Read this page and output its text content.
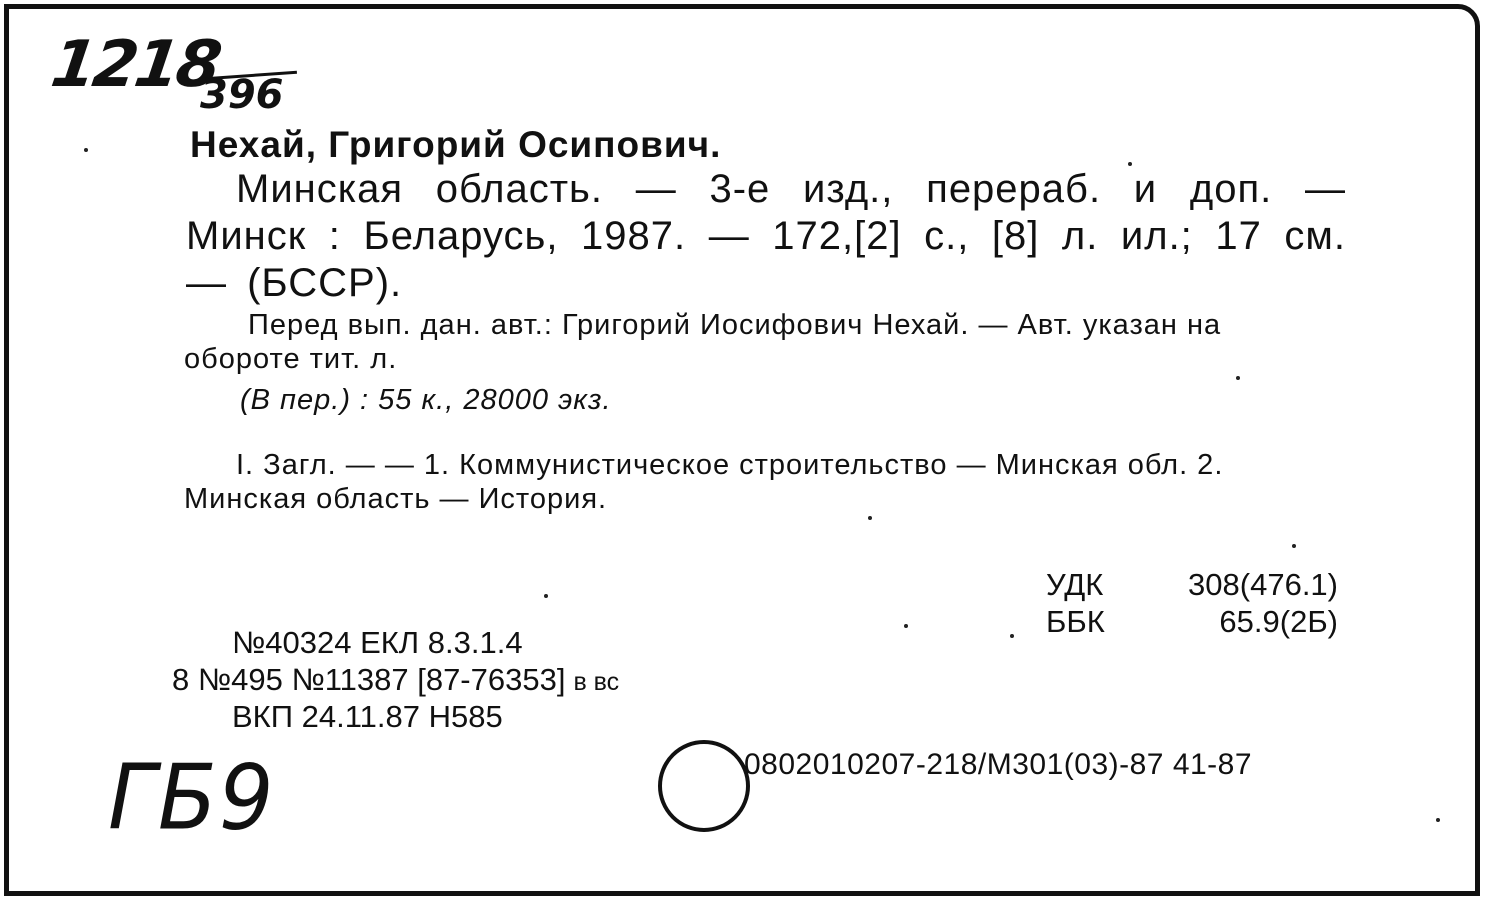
1218
396
Нехай, Григорий Осипович.
Минская область. — 3-е изд., перераб. и доп. — Минск : Беларусь, 1987. — 172,[2] с., [8] л. ил.; 17 см. — (БССР).
Перед вып. дан. авт.: Григорий Иосифович Нехай. — Авт. указан на обороте тит. л.
(В пер.) : 55 к., 28000 экз.
I. Загл. — — 1. Коммунистическое строительство — Минская обл. 2. Минская область — История.
УДК	308(476.1)
ББК	65.9(2Б)
№40324 ЕКЛ 8.3.1.4
8 №495 №11387 [87-76353] в вс
ВКП 24.11.87 Н585
ГБ9	0802010207-218/М301(03)-87 41-87
